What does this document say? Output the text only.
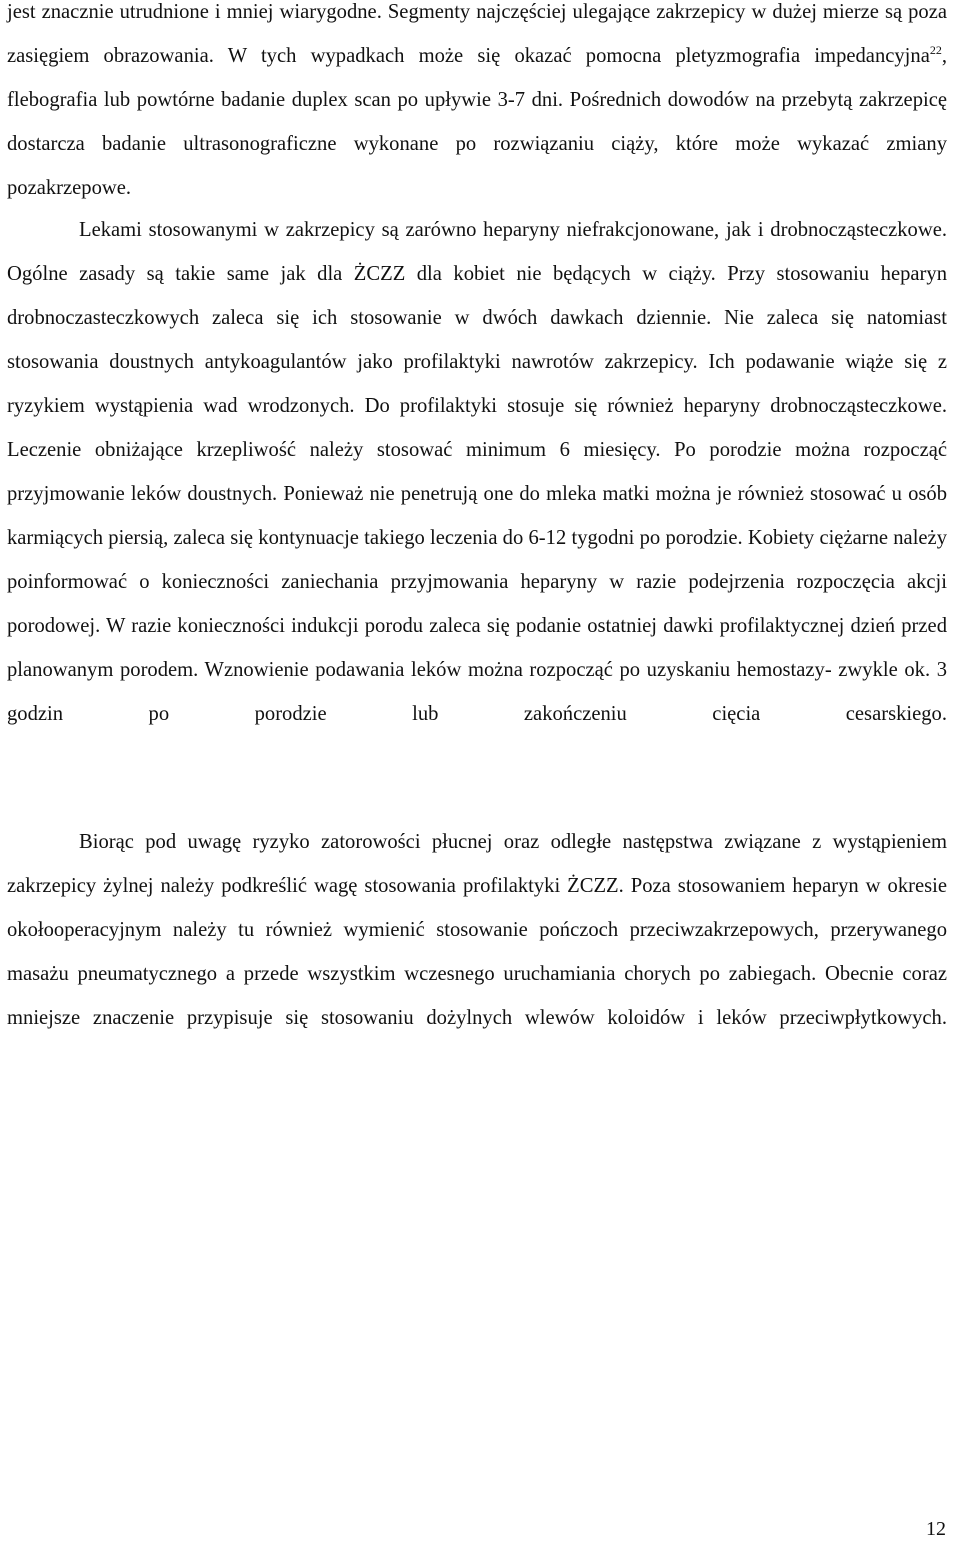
jest znacznie utrudnione i mniej wiarygodne. Segmenty najczęściej ulegające zakrzepicy w dużej mierze są poza zasięgiem obrazowania. W tych wypadkach może się okazać pomocna pletyzmografia impedancyjna$^{22}$, flebografia lub powtórne badanie duplex scan po upływie 3-7 dni. Pośrednich dowodów na przebytą zakrzepicę dostarcza badanie ultrasonograficzne wykonane po rozwiązaniu ciąży, które może wykazać zmiany pozakrzepowe.

Lekami stosowanymi w zakrzepicy są zarówno heparyny niefrakcjonowane, jak i drobnocząsteczkowe. Ogólne zasady są takie same jak dla ŻCZZ dla kobiet nie będących w ciąży. Przy stosowaniu heparyn drobnoczasteczkowych zaleca się ich stosowanie w dwóch dawkach dziennie. Nie zaleca się natomiast stosowania doustnych antykoagulantów jako profilaktyki nawrotów zakrzepicy. Ich podawanie wiąże się z ryzykiem wystąpienia wad wrodzonych. Do profilaktyki stosuje się również heparyny drobnocząsteczkowe. Leczenie obniżające krzepliwość należy stosować minimum 6 miesięcy. Po porodzie można rozpocząć przyjmowanie leków doustnych. Ponieważ nie penetrują one do mleka matki można je również stosować u osób karmiących piersią, zaleca się kontynuacje takiego leczenia do 6-12 tygodni po porodzie. Kobiety ciężarne należy poinformować o konieczności zaniechania przyjmowania heparyny w razie podejrzenia rozpoczęcia akcji porodowej. W razie konieczności indukcji porodu zaleca się podanie ostatniej dawki profilaktycznej dzień przed planowanym porodem. Wznowienie podawania leków można rozpocząć po uzyskaniu hemostazy- zwykle ok. 3 godzin po porodzie lub zakończeniu cięcia cesarskiego.

Biorąc pod uwagę ryzyko zatorowości płucnej oraz odległe następstwa związane z wystąpieniem zakrzepicy żylnej należy podkreślić wagę stosowania profilaktyki ŻCZZ. Poza stosowaniem heparyn w okresie okołooperacyjnym należy tu również wymienić stosowanie pończoch przeciwzakrzepowych, przerywanego masażu pneumatycznego a przede wszystkim wczesnego uruchamiania chorych po zabiegach. Obecnie coraz mniejsze znaczenie przypisuje się stosowaniu dożylnych wlewów koloidów i leków przeciwpłytkowych.

12
